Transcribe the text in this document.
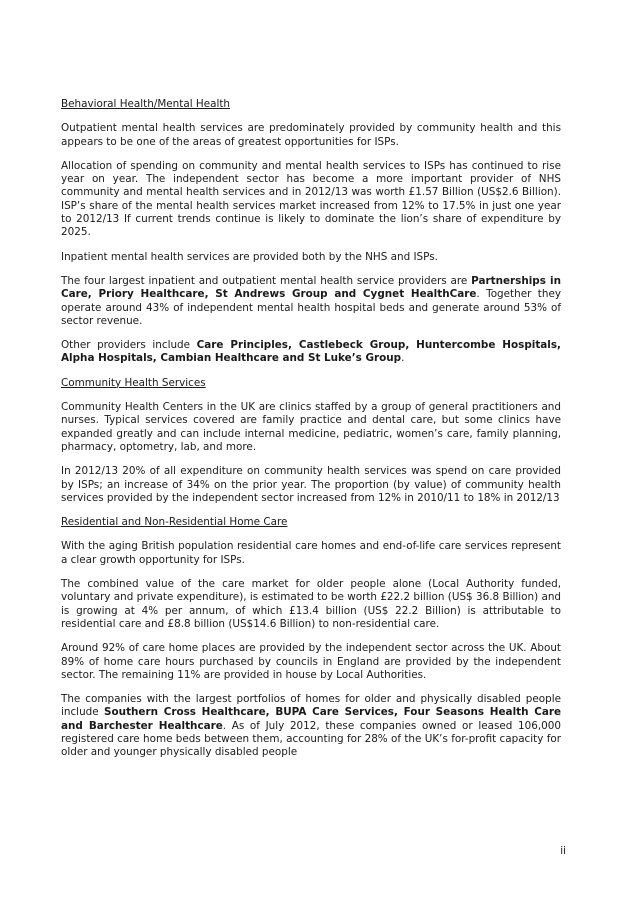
Behavioral Health/Mental Health

Outpatient mental health services are predominately provided by community health and this appears to be one of the areas of greatest opportunities for ISPs.

Allocation of spending on community and mental health services to ISPs has continued to rise year on year. The independent sector has become a more important provider of NHS community and mental health services and in 2012/13 was worth £1.57 Billion (US$2.6 Billion). ISP’s share of the mental health services market increased from 12% to 17.5% in just one year to 2012/13 If current trends continue is likely to dominate the lion’s share of expenditure by 2025.

Inpatient mental health services are provided both by the NHS and ISPs.

The four largest inpatient and outpatient mental health service providers are Partnerships in Care, Priory Healthcare, St Andrews Group and Cygnet HealthCare. Together they operate around 43% of independent mental health hospital beds and generate around 53% of sector revenue.

Other providers include Care Principles, Castlebeck Group, Huntercombe Hospitals, Alpha Hospitals, Cambian Healthcare and St Luke’s Group.

Community Health Services

Community Health Centers in the UK are clinics staffed by a group of general practitioners and nurses. Typical services covered are family practice and dental care, but some clinics have expanded greatly and can include internal medicine, pediatric, women’s care, family planning, pharmacy, optometry, lab, and more.

In 2012/13 20% of all expenditure on community health services was spend on care provided by ISPs; an increase of 34% on the prior year. The proportion (by value) of community health services provided by the independent sector increased from 12% in 2010/11 to 18% in 2012/13

Residential and Non-Residential Home Care

With the aging British population residential care homes and end-of-life care services represent a clear growth opportunity for ISPs.

The combined value of the care market for older people alone (Local Authority funded, voluntary and private expenditure), is estimated to be worth £22.2 billion (US$ 36.8 Billion) and is growing at 4% per annum, of which £13.4 billion (US$ 22.2 Billion) is attributable to residential care and £8.8 billion (US$14.6 Billion) to non-residential care.

Around 92% of care home places are provided by the independent sector across the UK. About 89% of home care hours purchased by councils in England are provided by the independent sector. The remaining 11% are provided in house by Local Authorities.

The companies with the largest portfolios of homes for older and physically disabled people include Southern Cross Healthcare, BUPA Care Services, Four Seasons Health Care and Barchester Healthcare. As of July 2012, these companies owned or leased 106,000 registered care home beds between them, accounting for 28% of the UK’s for-profit capacity for older and younger physically disabled people

ii
